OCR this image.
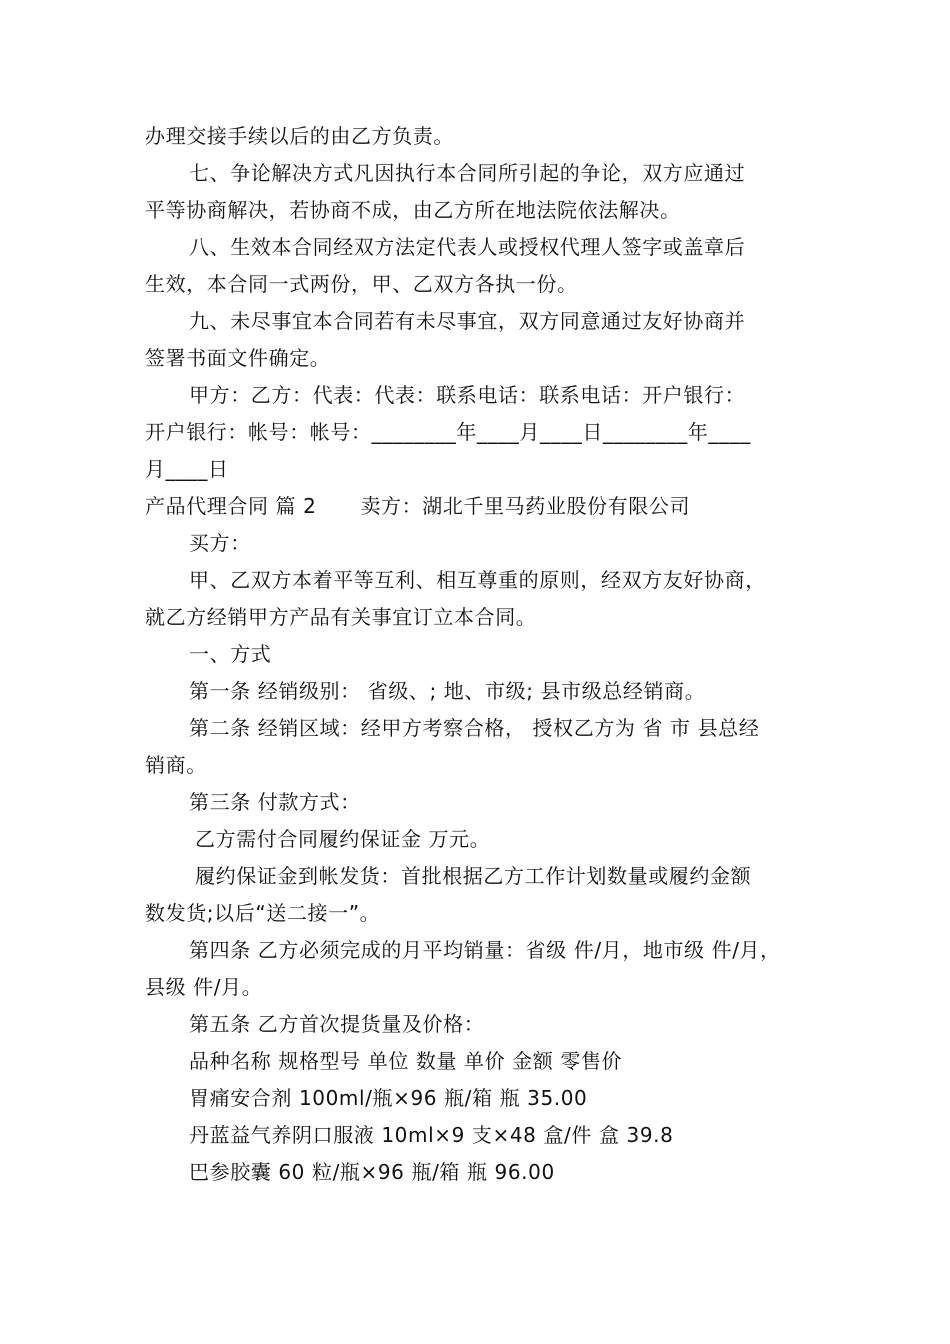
办理交接手续以后的由乙方负责。
七、争论解决方式凡因执行本合同所引起的争论，双方应通过
平等协商解决，若协商不成，由乙方所在地法院依法解决。
八、生效本合同经双方法定代表人或授权代理人签字或盖章后
生效，本合同一式两份，甲、乙双方各执一份。
九、未尽事宜本合同若有未尽事宜，双方同意通过友好协商并
签署书面文件确定。
甲方：乙方：代表：代表：联系电话：联系电话：开户银行：
开户银行：帐号：帐号：________年____月____日________年____
月____日
产品代理合同 篇 2 卖方：湖北千里马药业股份有限公司
买方：
甲、乙双方本着平等互利、相互尊重的原则，经双方友好协商，
就乙方经销甲方产品有关事宜订立本合同。
一、方式
第一条 经销级别： 省级、; 地、市级; 县市级总经销商。
第二条 经销区域：经甲方考察合格， 授权乙方为 省 市 县总经
销商。
第三条 付款方式：
乙方需付合同履约保证金 万元。
履约保证金到帐发货：首批根据乙方工作计划数量或履约金额
数发货;以后“送二接一”。
第四条 乙方必须完成的月平均销量：省级 件/月，地市级 件/月，
县级 件/月。
第五条 乙方首次提货量及价格：
品种名称 规格型号 单位 数量 单价 金额 零售价
胃痛安合剂 100ml/瓶×96 瓶/箱 瓶 35.00
丹蓝益气养阴口服液 10ml×9 支×48 盒/件 盒 39.8
巴参胶囊 60 粒/瓶×96 瓶/箱 瓶 96.00
